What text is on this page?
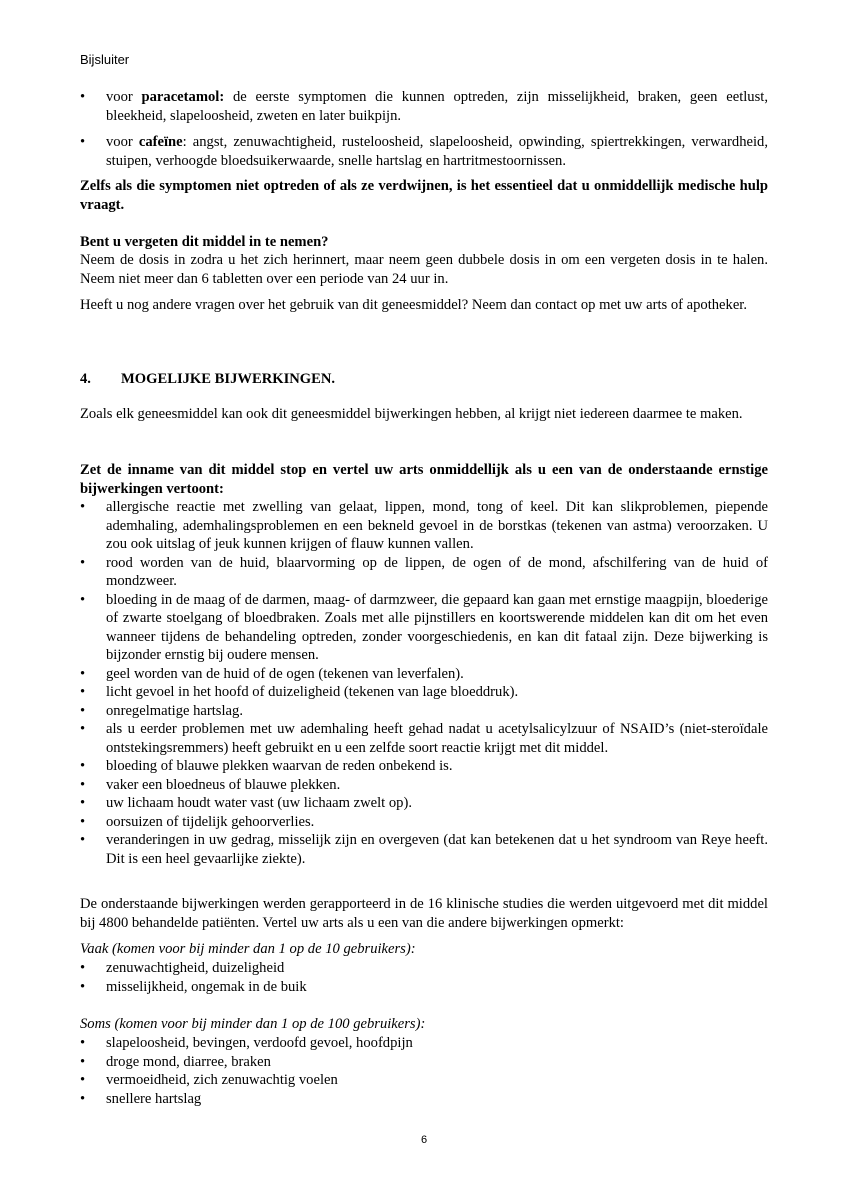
Bijsluiter
• voor paracetamol: de eerste symptomen die kunnen optreden, zijn misselijkheid, braken, geen eetlust, bleekheid, slapeloosheid, zweten en later buikpijn.
• voor cafeïne: angst, zenuwachtigheid, rusteloosheid, slapeloosheid, opwinding, spiertrekkingen, verwardheid, stuipen, verhoogde bloedsuikerwaarde, snelle hartslag en hartritmestoornissen.

Zelfs als die symptomen niet optreden of als ze verdwijnen, is het essentieel dat u onmiddellijk medische hulp vraagt.

Bent u vergeten dit middel in te nemen?

Neem de dosis in zodra u het zich herinnert, maar neem geen dubbele dosis in om een vergeten dosis in te halen. Neem niet meer dan 6 tabletten over een periode van 24 uur in.

Heeft u nog andere vragen over het gebruik van dit geneesmiddel? Neem dan contact op met uw arts of apotheker.

4. MOGELIJKE BIJWERKINGEN.

Zoals elk geneesmiddel kan ook dit geneesmiddel bijwerkingen hebben, al krijgt niet iedereen daarmee te maken.

Zet de inname van dit middel stop en vertel uw arts onmiddellijk als u een van de onderstaande ernstige bijwerkingen vertoont:

• allergische reactie met zwelling van gelaat, lippen, mond, tong of keel. Dit kan slikproblemen, piepende ademhaling, ademhalingsproblemen en een bekneld gevoel in de borstkas (tekenen van astma) veroorzaken. U zou ook uitslag of jeuk kunnen krijgen of flauw kunnen vallen.
• rood worden van de huid, blaarvorming op de lippen, de ogen of de mond, afschilfering van de huid of mondzweer.
• bloeding in de maag of de darmen, maag- of darmzweer, die gepaard kan gaan met ernstige maagpijn, bloederige of zwarte stoelgang of bloedbraken. Zoals met alle pijnstillers en koortswerende middelen kan dit om het even wanneer tijdens de behandeling optreden, zonder voorgeschiedenis, en kan dit fataal zijn. Deze bijwerking is bijzonder ernstig bij oudere mensen.
• geel worden van de huid of de ogen (tekenen van leverfalen).
• licht gevoel in het hoofd of duizeligheid (tekenen van lage bloeddruk).
• onregelmatige hartslag.
• als u eerder problemen met uw ademhaling heeft gehad nadat u acetylsalicylzuur of NSAID’s (niet-steroïdale ontstekingsremmers) heeft gebruikt en u een zelfde soort reactie krijgt met dit middel.
• bloeding of blauwe plekken waarvan de reden onbekend is.
• vaker een bloedneus of blauwe plekken.
• uw lichaam houdt water vast (uw lichaam zwelt op).
• oorsuizen of tijdelijk gehoorverlies.
• veranderingen in uw gedrag, misselijk zijn en overgeven (dat kan betekenen dat u het syndroom van Reye heeft. Dit is een heel gevaarlijke ziekte).

De onderstaande bijwerkingen werden gerapporteerd in de 16 klinische studies die werden uitgevoerd met dit middel bij 4800 behandelde patiënten. Vertel uw arts als u een van die andere bijwerkingen opmerkt:

Vaak (komen voor bij minder dan 1 op de 10 gebruikers):

• zenuwachtigheid, duizeligheid
• misselijkheid, ongemak in de buik

Soms (komen voor bij minder dan 1 op de 100 gebruikers):

• slapeloosheid, bevingen, verdoofd gevoel, hoofdpijn
• droge mond, diarree, braken
• vermoeidheid, zich zenuwachtig voelen
• snellere hartslag
6
